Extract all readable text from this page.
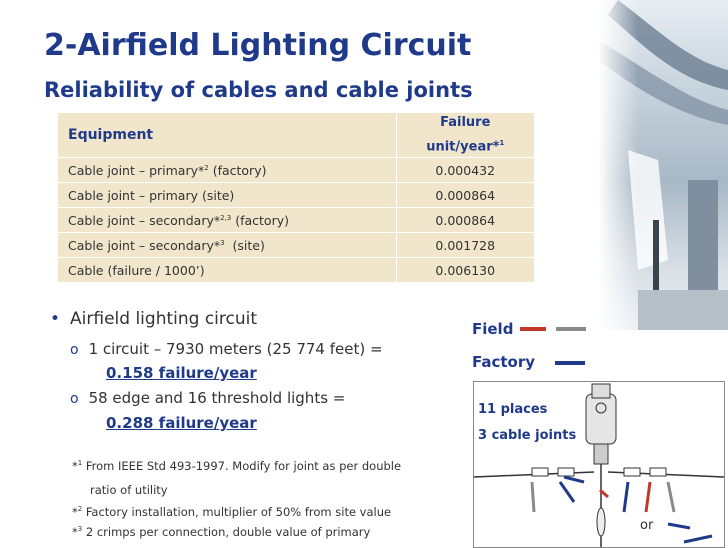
2-Airfield Lighting Circuit
Reliability of cables and cable joints
Equipment	Failure
unit/year*$^1$
Cable joint – primary*$^2$ (factory)	0.000432
Cable joint – primary (site)	0.000864
Cable joint – secondary*$^{2,3}$ (factory)	0.000864
Cable joint – secondary*$^3$  (site)	0.001728
Cable (failure / 1000’)	0.006130
• Airfield lighting circuit
o 1 circuit – 7930 meters (25 774 feet) =
0.158 failure/year
o 58 edge and 16 threshold lights =
0.288 failure/year
*$^1$ From IEEE Std 493-1997. Modify for joint as per double
ratio of utility
*$^2$ Factory installation, multiplier of 50% from site value
*$^3$ 2 crimps per connection, double value of primary
Field
Factory
11 places
3 cable joints
or
